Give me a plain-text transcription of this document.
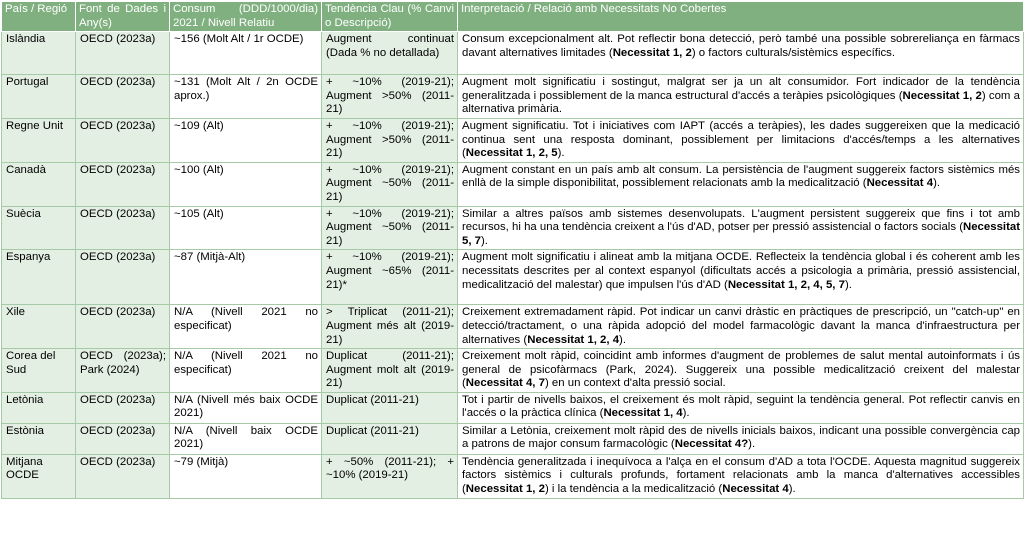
País / Regió	Font de Dades i Any(s)	Consum (DDD/1000/dia) 2021 / Nivell Relatiu	Tendència Clau (% Canvi o Descripció)	Interpretació / Relació amb Necessitats No Cobertes
Islàndia	OECD (2023a)	~156 (Molt Alt / 1r OCDE)	Augment continuat (Dada % no detallada)	Consum excepcionalment alt. Pot reflectir bona detecció, però també una possible sobrereliança en fàrmacs davant alternatives limitades (Necessitat 1, 2) o factors culturals/sistèmics específics.
Portugal	OECD (2023a)	~131 (Molt Alt / 2n OCDE aprox.)	+ ~10% (2019-21); Augment >50% (2011-21)	Augment molt significatiu i sostingut, malgrat ser ja un alt consumidor. Fort indicador de la tendència generalitzada i possiblement de la manca estructural d'accés a teràpies psicològiques (Necessitat 1, 2) com a alternativa primària.
Regne Unit	OECD (2023a)	~109 (Alt)	+ ~10% (2019-21); Augment >50% (2011-21)	Augment significatiu. Tot i iniciatives com IAPT (accés a teràpies), les dades suggereixen que la medicació continua sent una resposta dominant, possiblement per limitacions d'accés/temps a les alternatives (Necessitat 1, 2, 5).
Canadà	OECD (2023a)	~100 (Alt)	+ ~10% (2019-21); Augment ~50% (2011-21)	Augment constant en un país amb alt consum. La persistència de l'augment suggereix factors sistèmics més enllà de la simple disponibilitat, possiblement relacionats amb la medicalització (Necessitat 4).
Suècia	OECD (2023a)	~105 (Alt)	+ ~10% (2019-21); Augment ~50% (2011-21)	Similar a altres països amb sistemes desenvolupats. L'augment persistent suggereix que fins i tot amb recursos, hi ha una tendència creixent a l'ús d'AD, potser per pressió assistencial o factors socials (Necessitat 5, 7).
Espanya	OECD (2023a)	~87 (Mitjà-Alt)	+ ~10% (2019-21); Augment ~65% (2011-21)*	Augment molt significatiu i alineat amb la mitjana OCDE. Reflecteix la tendència global i és coherent amb les necessitats descrites per al context espanyol (dificultats accés a psicologia a primària, pressió assistencial, medicalització del malestar) que impulsen l'ús d'AD (Necessitat 1, 2, 4, 5, 7).
Xile	OECD (2023a)	N/A (Nivell 2021 no especificat)	> Triplicat (2011-21); Augment més alt (2019-21)	Creixement extremadament ràpid. Pot indicar un canvi dràstic en pràctiques de prescripció, un "catch-up" en detecció/tractament, o una ràpida adopció del model farmacològic davant la manca d'infraestructura per alternatives (Necessitat 1, 2, 4).
Corea del Sud	OECD (2023a); Park (2024)	N/A (Nivell 2021 no especificat)	Duplicat (2011-21); Augment molt alt (2019-21)	Creixement molt ràpid, coincidint amb informes d'augment de problemes de salut mental autoinformats i ús general de psicofàrmacs (Park, 2024). Suggereix una possible medicalització creixent del malestar (Necessitat 4, 7) en un context d'alta pressió social.
Letònia	OECD (2023a)	N/A (Nivell més baix OCDE 2021)	Duplicat (2011-21)	Tot i partir de nivells baixos, el creixement és molt ràpid, seguint la tendència general. Pot reflectir canvis en l'accés o la pràctica clínica (Necessitat 1, 4).
Estònia	OECD (2023a)	N/A (Nivell baix OCDE 2021)	Duplicat (2011-21)	Similar a Letònia, creixement molt ràpid des de nivells inicials baixos, indicant una possible convergència cap a patrons de major consum farmacològic (Necessitat 4?).
Mitjana OCDE	OECD (2023a)	~79 (Mitjà)	+ ~50% (2011-21); + ~10% (2019-21)	Tendència generalitzada i inequívoca a l'alça en el consum d'AD a tota l'OCDE. Aquesta magnitud suggereix factors sistèmics i culturals profunds, fortament relacionats amb la manca d'alternatives accessibles (Necessitat 1, 2) i la tendència a la medicalització (Necessitat 4).
